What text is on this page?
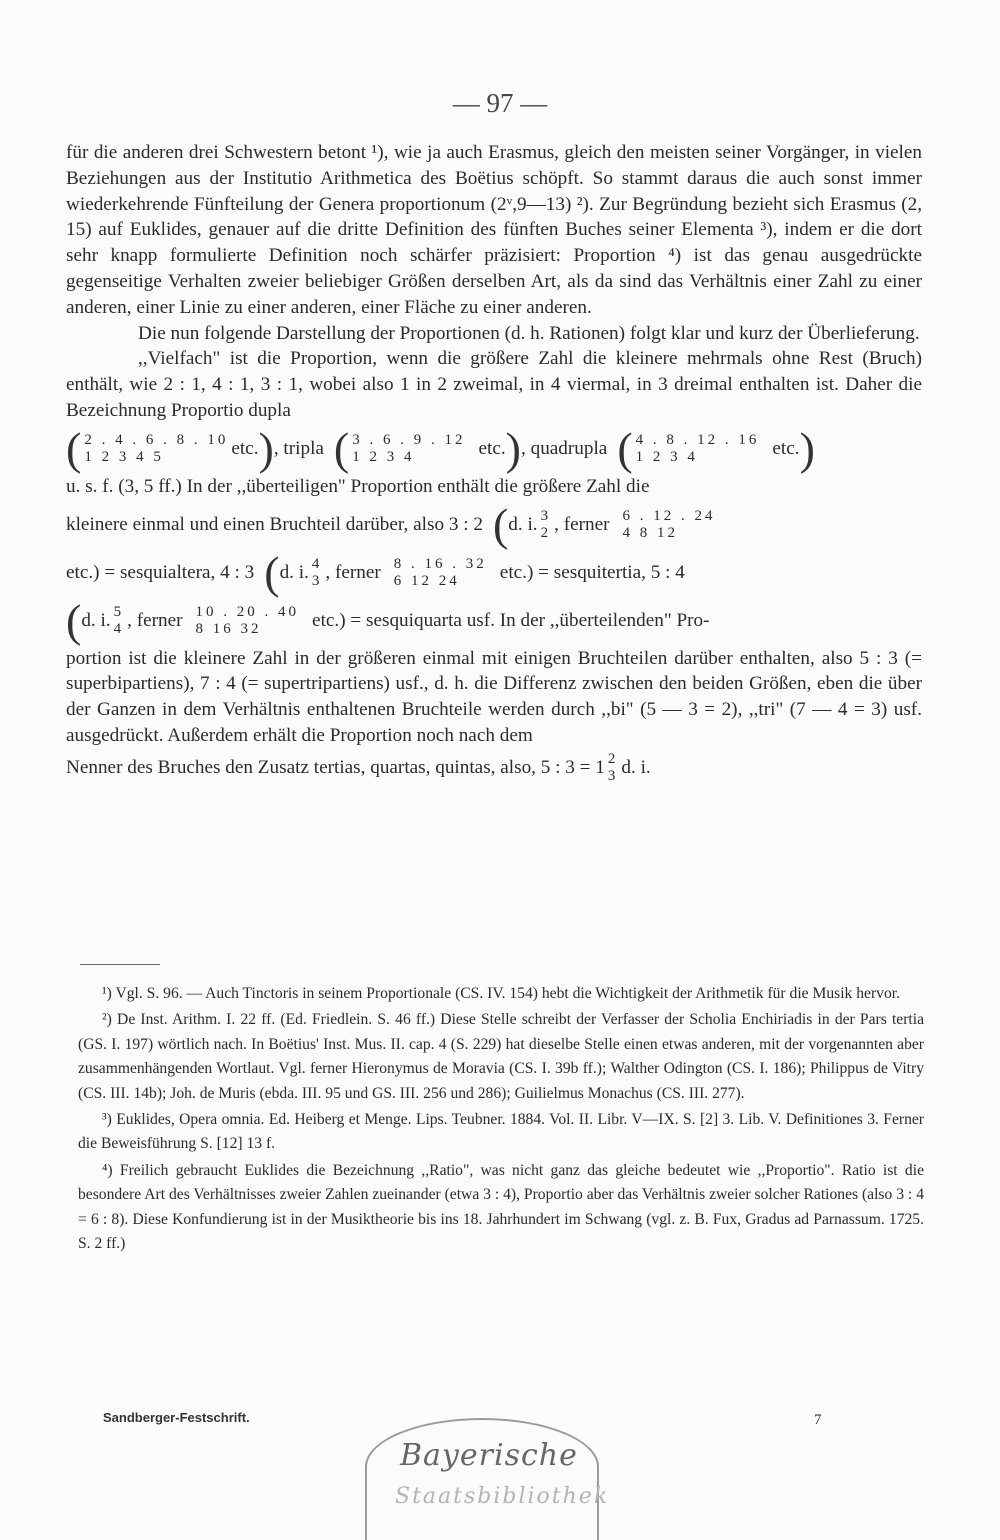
— 97 —

für die anderen drei Schwestern betont ¹), wie ja auch Erasmus, gleich den meisten seiner Vorgänger, in vielen Beziehungen aus der Institutio Arithmetica des Boëtius schöpft. So stammt daraus die auch sonst immer wiederkehrende Fünfteilung der Genera proportionum (2ᵛ,9—13) ²). Zur Begründung bezieht sich Erasmus (2, 15) auf Euklides, genauer auf die dritte Definition des fünften Buches seiner Elementa ³), indem er die dort sehr knapp formulierte Definition noch schärfer präzisiert: Proportion ⁴) ist das genau ausgedrückte gegenseitige Verhalten zweier beliebiger Größen derselben Art, als da sind das Verhältnis einer Zahl zu einer anderen, einer Linie zu einer anderen, einer Fläche zu einer anderen.

Die nun folgende Darstellung der Proportionen (d. h. Rationen) folgt klar und kurz der Überlieferung.

,,Vielfach" ist die Proportion, wenn die größere Zahl die kleinere mehrmals ohne Rest (Bruch) enthält, wie 2 : 1, 4 : 1, 3 : 1, wobei also 1 in 2 zweimal, in 4 viermal, in 3 dreimal enthalten ist. Daher die Bezeichnung Proportio dupla

( 2 . 4 . 6 . 8 . 10
1 2 3 4 5	etc. ) , tripla ( 3 . 6 . 9 . 12
1 2 3 4	etc. ) , quadrupla ( 4 . 8 . 12 . 16
1 2 3 4	etc. )

u. s. f. (3, 5 ff.) In der ,,überteiligen" Proportion enthält die größere Zahl die

kleinere einmal und einen Bruchteil darüber, also 3 : 2 ( d. i. 3
2 , ferner 6 . 12 . 24
4 8 12
etc.) = sesquialtera, 4 : 3 ( d. i. 4
3 , ferner 8 . 16 . 32
6 12 24	etc.) = sesquitertia, 5 : 4
( d. i. 5
4 , ferner 10 . 20 . 40
8 16 32	etc.) = sesquiquarta usf. In der ,,überteilenden" Pro-

portion ist die kleinere Zahl in der größeren einmal mit einigen Bruchteilen darüber enthalten, also 5 : 3 (= superbipartiens), 7 : 4 (= supertripartiens) usf., d. h. die Differenz zwischen den beiden Größen, eben die über der Ganzen in dem Verhältnis enthaltenen Bruchteile werden durch ,,bi" (5 — 3 = 2), ,,tri" (7 — 4 = 3) usf. ausgedrückt. Außerdem erhält die Proportion noch nach dem

Nenner des Bruches den Zusatz tertias, quartas, quintas, also, 5 : 3 = 1 2
3 d. i.

¹) Vgl. S. 96. — Auch Tinctoris in seinem Proportionale (CS. IV. 154) hebt die Wichtigkeit der Arithmetik für die Musik hervor.

²) De Inst. Arithm. I. 22 ff. (Ed. Friedlein. S. 46 ff.) Diese Stelle schreibt der Verfasser der Scholia Enchiriadis in der Pars tertia (GS. I. 197) wörtlich nach. In Boëtius' Inst. Mus. II. cap. 4 (S. 229) hat dieselbe Stelle einen etwas anderen, mit der vorgenannten aber zusammenhängenden Wortlaut. Vgl. ferner Hieronymus de Moravia (CS. I. 39b ff.); Walther Odington (CS. I. 186); Philippus de Vitry (CS. III. 14b); Joh. de Muris (ebda. III. 95 und GS. III. 256 und 286); Guilielmus Monachus (CS. III. 277).

³) Euklides, Opera omnia. Ed. Heiberg et Menge. Lips. Teubner. 1884. Vol. II. Libr. V—IX. S. [2] 3. Lib. V. Definitiones 3. Ferner die Beweisführung S. [12] 13 f.

⁴) Freilich gebraucht Euklides die Bezeichnung ,,Ratio", was nicht ganz das gleiche bedeutet wie ,,Proportio". Ratio ist die besondere Art des Verhältnisses zweier Zahlen zueinander (etwa 3 : 4), Proportio aber das Verhältnis zweier solcher Rationes (also 3 : 4 = 6 : 8). Diese Konfundierung ist in der Musiktheorie bis ins 18. Jahrhundert im Schwang (vgl. z. B. Fux, Gradus ad Parnassum. 1725. S. 2 ff.)

Sandberger-Festschrift.	7
Bayerische
Staatsbibliothek
